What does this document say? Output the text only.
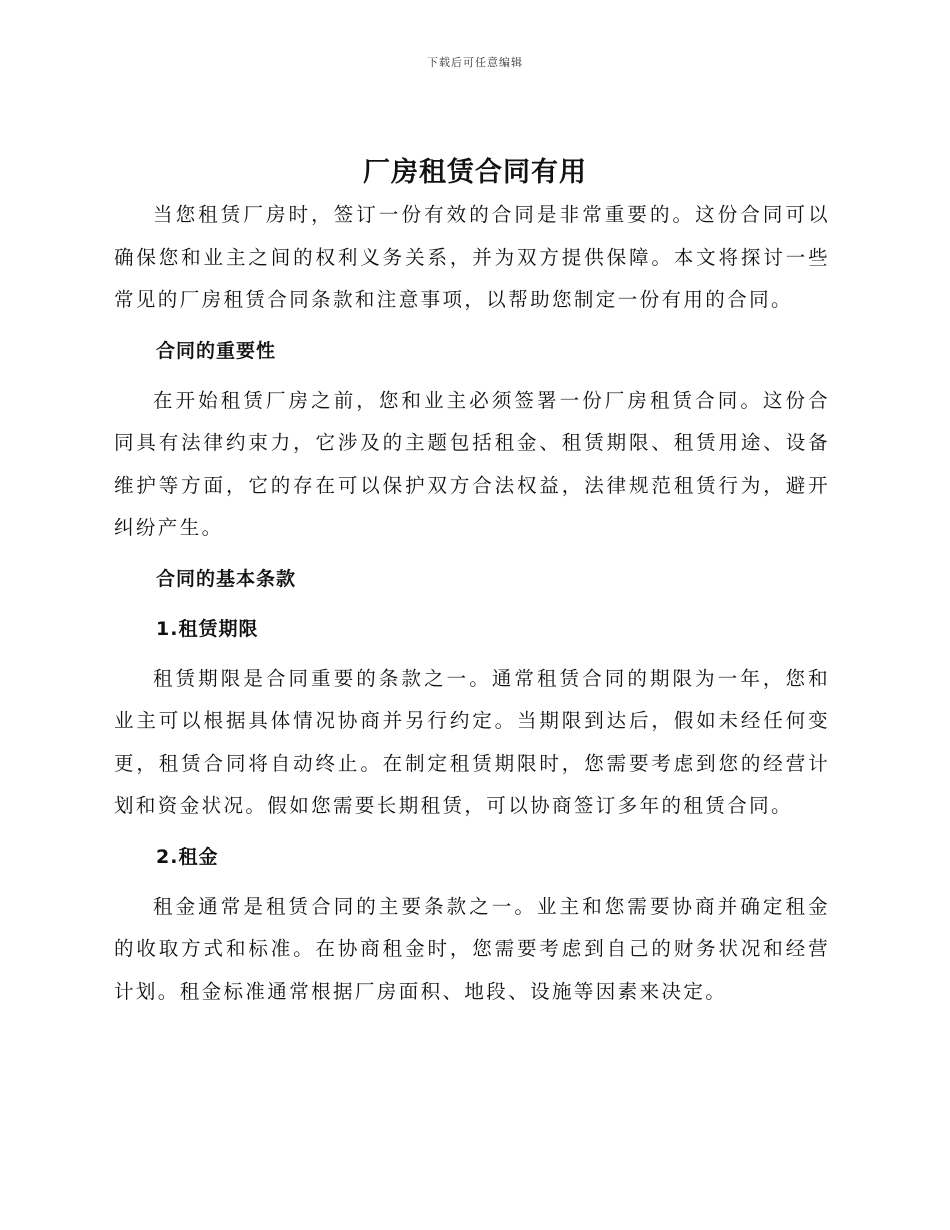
下载后可任意编辑
厂房租赁合同有用

当您租赁厂房时，签订一份有效的合同是非常重要的。这份合同可以确保您和业主之间的权利义务关系，并为双方提供保障。本文将探讨一些常见的厂房租赁合同条款和注意事项，以帮助您制定一份有用的合同。

合同的重要性

在开始租赁厂房之前，您和业主必须签署一份厂房租赁合同。这份合同具有法律约束力，它涉及的主题包括租金、租赁期限、租赁用途、设备维护等方面，它的存在可以保护双方合法权益，法律规范租赁行为，避开纠纷产生。

合同的基本条款
1.租赁期限

租赁期限是合同重要的条款之一。通常租赁合同的期限为一年，您和业主可以根据具体情况协商并另行约定。当期限到达后，假如未经任何变更，租赁合同将自动终止。在制定租赁期限时，您需要考虑到您的经营计划和资金状况。假如您需要长期租赁，可以协商签订多年的租赁合同。

2.租金

租金通常是租赁合同的主要条款之一。业主和您需要协商并确定租金的收取方式和标准。在协商租金时，您需要考虑到自己的财务状况和经营计划。租金标准通常根据厂房面积、地段、设施等因素来决定。
